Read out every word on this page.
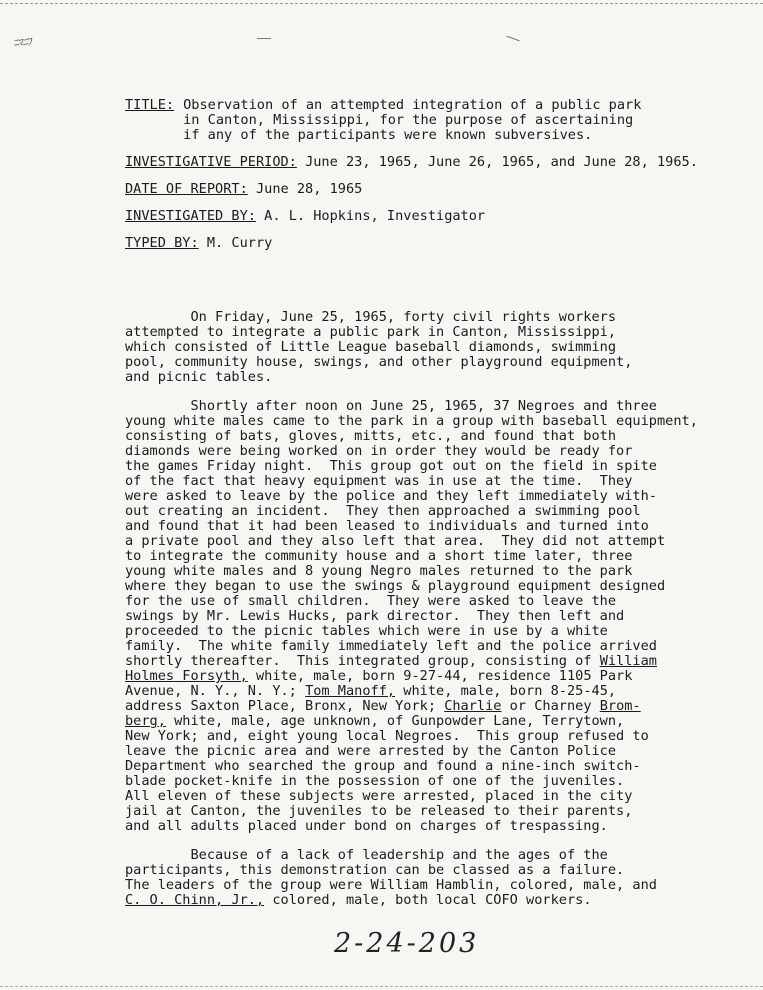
ﾆﾏﾆﾌ
TITLE: Observation of an attempted integration of a public park
in Canton, Mississippi, for the purpose of ascertaining
if any of the participants were known subversives.
INVESTIGATIVE PERIOD: June 23, 1965, June 26, 1965, and June 28, 1965.
DATE OF REPORT: June 28, 1965
INVESTIGATED BY: A. L. Hopkins, Investigator
TYPED BY: M. Curry
On Friday, June 25, 1965, forty civil rights workers
attempted to integrate a public park in Canton, Mississippi,
which consisted of Little League baseball diamonds, swimming
pool, community house, swings, and other playground equipment,
and picnic tables.
Shortly after noon on June 25, 1965, 37 Negroes and three
young white males came to the park in a group with baseball equipment,
consisting of bats, gloves, mitts, etc., and found that both
diamonds were being worked on in order they would be ready for
the games Friday night.  This group got out on the field in spite
of the fact that heavy equipment was in use at the time.  They
were asked to leave by the police and they left immediately with-
out creating an incident.  They then approached a swimming pool
and found that it had been leased to individuals and turned into
a private pool and they also left that area.  They did not attempt
to integrate the community house and a short time later, three
young white males and 8 young Negro males returned to the park
where they began to use the swings & playground equipment designed
for the use of small children.  They were asked to leave the
swings by Mr. Lewis Hucks, park director.  They then left and
proceeded to the picnic tables which were in use by a white
family.  The white family immediately left and the police arrived
shortly thereafter.  This integrated group, consisting of William
Holmes Forsyth, white, male, born 9-27-44, residence 1105 Park
Avenue, N. Y., N. Y.; Tom Manoff, white, male, born 8-25-45,
address Saxton Place, Bronx, New York; Charlie or Charney Brom-
berg, white, male, age unknown, of Gunpowder Lane, Terrytown,
New York; and, eight young local Negroes.  This group refused to
leave the picnic area and were arrested by the Canton Police
Department who searched the group and found a nine-inch switch-
blade pocket-knife in the possession of one of the juveniles.
All eleven of these subjects were arrested, placed in the city
jail at Canton, the juveniles to be released to their parents,
and all adults placed under bond on charges of trespassing.
Because of a lack of leadership and the ages of the
participants, this demonstration can be classed as a failure.
The leaders of the group were William Hamblin, colored, male, and
C. O. Chinn, Jr., colored, male, both local COFO workers.
2-24-203
